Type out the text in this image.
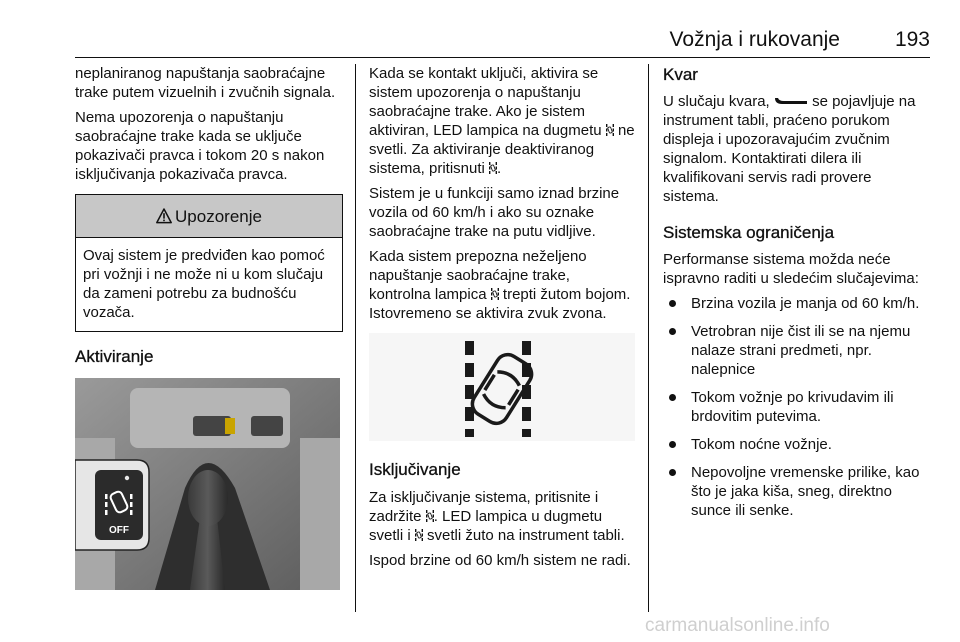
Vožnja i rukovanje	193

neplaniranog napuštanja saobraćajne trake putem vizuelnih i zvučnih signala.

Nema upozorenja o napuštanju saobraćajne trake kada se uključe pokazivači pravca i tokom 20 s nakon isključivanja pokazivača pravca.

Upozorenje
Ovaj sistem je predviđen kao pomoć pri vožnji i ne može ni u kom slučaju da zameni potrebu za budnošću vozača.
Aktiviranje
OFF

Kada se kontakt uključi, aktivira se sistem upozorenja o napuštanju saobraćajne trake. Ako je sistem aktiviran, LED lampica na dugmetu ne svetli. Za aktiviranje deaktiviranog sistema, pritisnuti .

Sistem je u funkciji samo iznad brzine vozila od 60 km/h i ako su oznake saobraćajne trake na putu vidljive.

Kada sistem prepozna neželjeno napuštanje saobraćajne trake, kontrolna lampica trepti žutom bojom. Istovremeno se aktivira zvuk zvona.

Isključivanje

Za isključivanje sistema, pritisnite i zadržite . LED lampica u dugmetu svetli i svetli žuto na instrument tabli.

Ispod brzine od 60 km/h sistem ne radi.

Kvar

U slučaju kvara,	se pojavljuje na instrument tabli, praćeno porukom displeja i upozoravajućim zvučnim signalom. Kontaktirati dilera ili kvalifikovani servis radi provere sistema.

Sistemska ograničenja

Performanse sistema možda neće ispravno raditi u sledećim slučajevima:

Brzina vozila je manja od 60 km/h.
Vetrobran nije čist ili se na njemu nalaze strani predmeti, npr. nalepnice
Tokom vožnje po krivudavim ili brdovitim putevima.
Tokom noćne vožnje.
Nepovoljne vremenske prilike, kao što je jaka kiša, sneg, direktno sunce ili senke.
carmanualsonline.info
